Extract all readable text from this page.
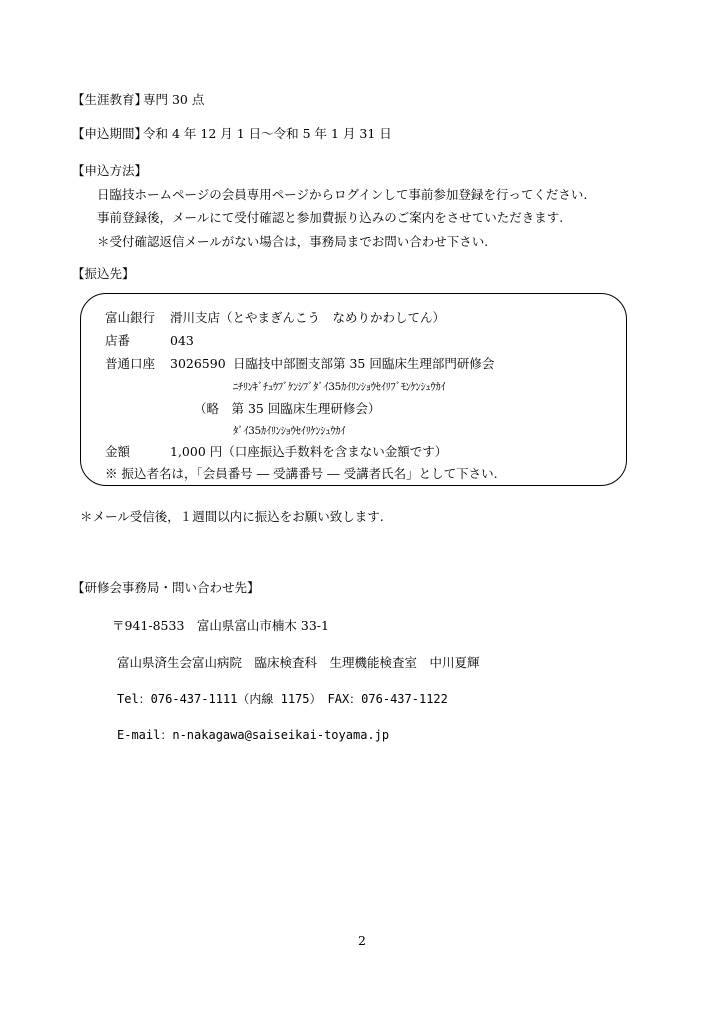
【生涯教育】
専門 30 点
【申込期間】
令和 4 年 12 月 1 日～令和 5 年 1 月 31 日
【申込方法】
日臨技ホームページの会員専用ページからログインして事前参加登録を行ってください.
事前登録後，メールにて受付確認と参加費振り込みのご案内をさせていただきます.
＊受付確認返信メールがない場合は，事務局までお問い合わせ下さい.
【振込先】
富山銀行 滑川支店（とやまぎんこう　なめりかわしてん）
店番	043
普通口座 3026590 日臨技中部圏支部第 35 回臨床生理部門研修会
ﾆﾁﾘﾝｷﾞﾁｭｳﾌﾞｹﾝｼﾌﾞﾀﾞｲ35ｶｲﾘﾝｼｮｳｾｲﾘﾌﾞﾓﾝｹﾝｼｭｳｶｲ
（略　第 35 回臨床生理研修会）
ﾀﾞｲ35ｶｲﾘﾝｼｮｳｾｲﾘｹﾝｼｭｳｶｲ
金額	1,000 円（口座振込手数料を含まない金額です）
※ 振込者名は，「会員番号 ― 受講番号 ― 受講者氏名」として下さい.
＊メール受信後，１週間以内に振込をお願い致します.
【研修会事務局・問い合わせ先】
〒941-8533　富山県富山市楠木 33-1
富山県済生会富山病院　臨床検査科　生理機能検査室　中川夏輝
Tel：076-437-1111（内線 1175）　FAX：076-437-1122
E-mail：n-nakagawa@saiseikai-toyama.jp
2
